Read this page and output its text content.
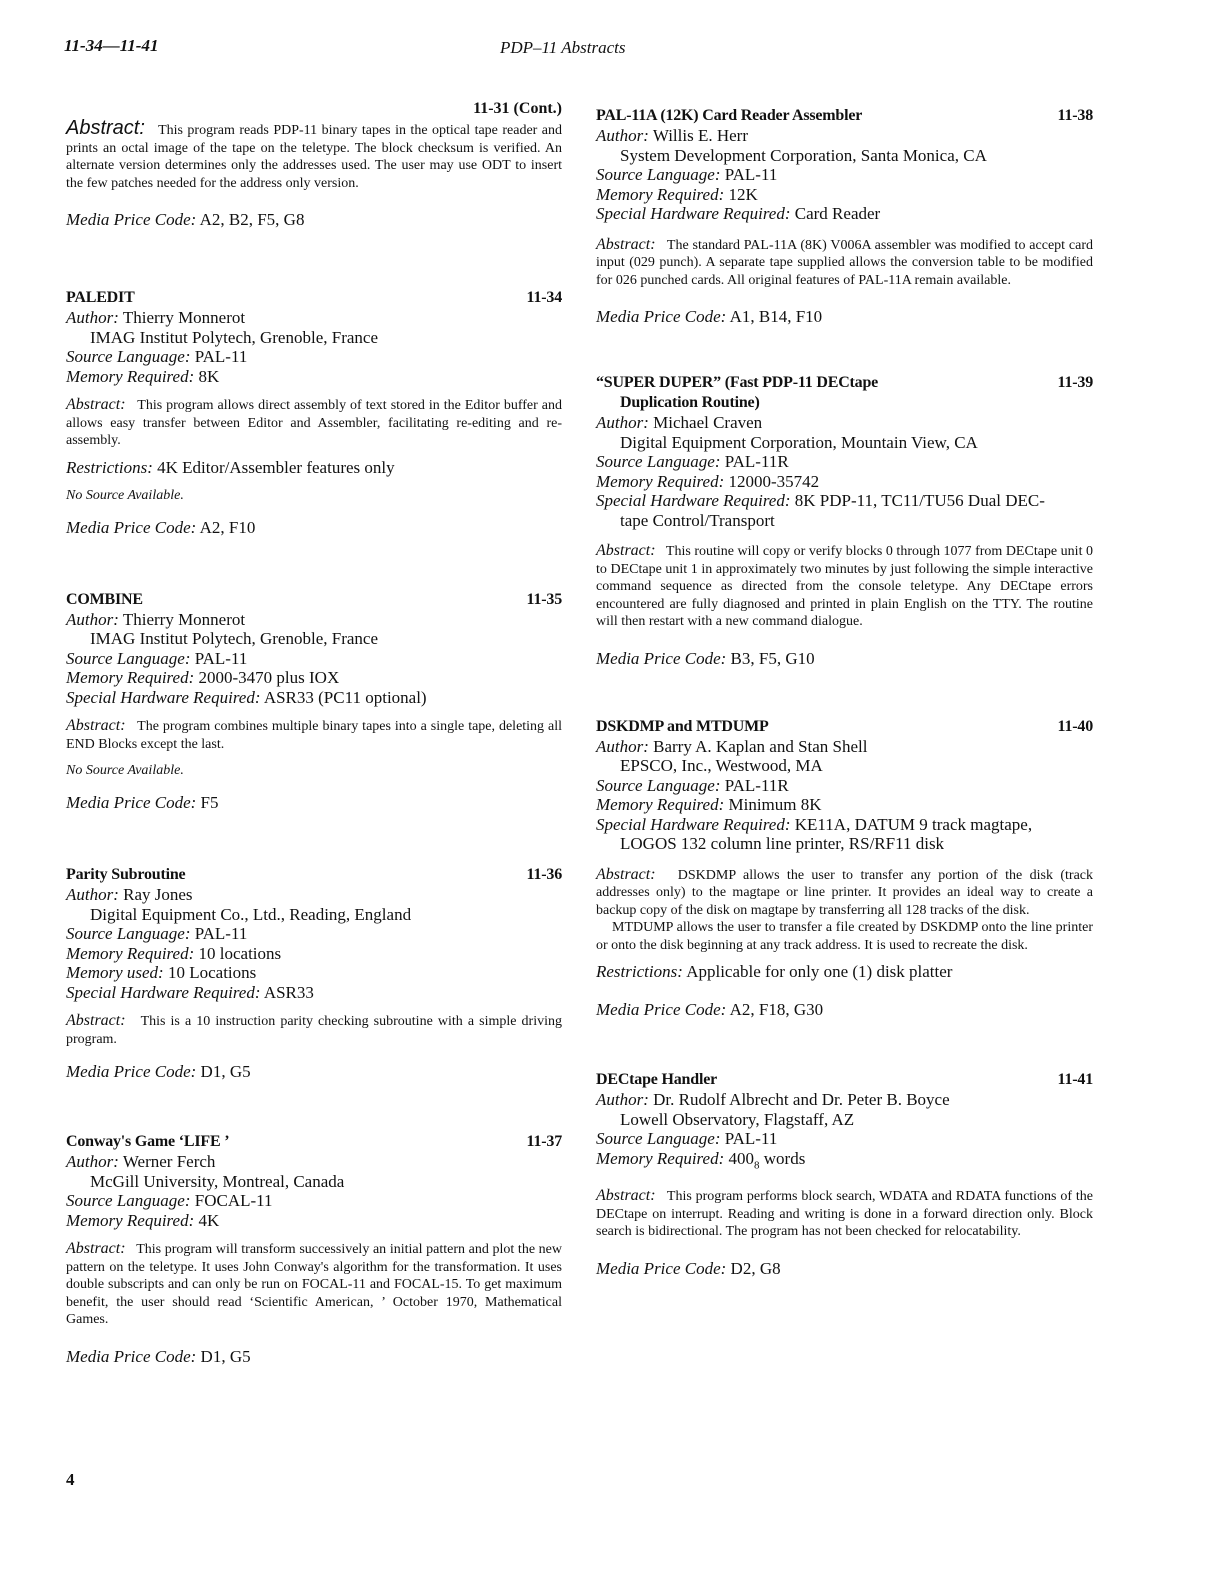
11-34—11-41	PDP–11 Abstracts
11-31 (Cont.)

Abstract: This program reads PDP-11 binary tapes in the optical tape reader and prints an octal image of the tape on the teletype. The block checksum is verified. An alternate version determines only the addresses used. The user may use ODT to insert the few patches needed for the address only version.

Media Price Code: A2, B2, F5, G8
PALEDIT	11-34
Author: Thierry Monnerot
IMAG Institut Polytech, Grenoble, France
Source Language: PAL-11
Memory Required: 8K

Abstract: This program allows direct assembly of text stored in the Editor buffer and allows easy transfer between Editor and Assembler, facilitating re-editing and re-assembly.

Restrictions: 4K Editor/Assembler features only
No Source Available.
Media Price Code: A2, F10
COMBINE	11-35
Author: Thierry Monnerot
IMAG Institut Polytech, Grenoble, France
Source Language: PAL-11
Memory Required: 2000-3470 plus IOX
Special Hardware Required: ASR33 (PC11 optional)

Abstract: The program combines multiple binary tapes into a single tape, deleting all END Blocks except the last.

No Source Available.
Media Price Code: F5
Parity Subroutine	11-36
Author: Ray Jones
Digital Equipment Co., Ltd., Reading, England
Source Language: PAL-11
Memory Required: 10 locations
Memory used: 10 Locations
Special Hardware Required: ASR33

Abstract: This is a 10 instruction parity checking subroutine with a simple driving program.

Media Price Code: D1, G5
Conway's Game ‘LIFE ’	11-37
Author: Werner Ferch
McGill University, Montreal, Canada
Source Language: FOCAL-11
Memory Required: 4K

Abstract: This program will transform successively an initial pattern and plot the new pattern on the teletype. It uses John Conway's algorithm for the transformation. It uses double subscripts and can only be run on FOCAL-11 and FOCAL-15. To get maximum benefit, the user should read ‘Scientific American, ’ October 1970, Mathematical Games.

Media Price Code: D1, G5
PAL-11A (12K) Card Reader Assembler	11-38
Author: Willis E. Herr
System Development Corporation, Santa Monica, CA
Source Language: PAL-11
Memory Required: 12K
Special Hardware Required: Card Reader

Abstract: The standard PAL-11A (8K) V006A assembler was modified to accept card input (029 punch). A separate tape supplied allows the conversion table to be modified for 026 punched cards. All original features of PAL-11A remain available.

Media Price Code: A1, B14, F10
“SUPER DUPER” (Fast PDP-11 DECtape
Duplication Routine)
11-39
Author: Michael Craven
Digital Equipment Corporation, Mountain View, CA
Source Language: PAL-11R
Memory Required: 12000-35742
Special Hardware Required: 8K PDP-11, TC11/TU56 Dual DEC-
tape Control/Transport

Abstract: This routine will copy or verify blocks 0 through 1077 from DECtape unit 0 to DECtape unit 1 in approximately two minutes by just following the simple interactive command sequence as directed from the console teletype. Any DECtape errors encountered are fully diagnosed and printed in plain English on the TTY. The routine will then restart with a new command dialogue.

Media Price Code: B3, F5, G10
DSKDMP and MTDUMP	11-40
Author: Barry A. Kaplan and Stan Shell
EPSCO, Inc., Westwood, MA
Source Language: PAL-11R
Memory Required: Minimum 8K
Special Hardware Required: KE11A, DATUM 9 track magtape,
LOGOS 132 column line printer, RS/RF11 disk

Abstract: DSKDMP allows the user to transfer any portion of the disk (track addresses only) to the magtape or line printer. It provides an ideal way to create a backup copy of the disk on magtape by transferring all 128 tracks of the disk.

MTDUMP allows the user to transfer a file created by DSKDMP onto the line printer or onto the disk beginning at any track address. It is used to recreate the disk.

Restrictions: Applicable for only one (1) disk platter
Media Price Code: A2, F18, G30
DECtape Handler	11-41
Author: Dr. Rudolf Albrecht and Dr. Peter B. Boyce
Lowell Observatory, Flagstaff, AZ
Source Language: PAL-11
Memory Required: $400_8$ words

Abstract: This program performs block search, WDATA and RDATA functions of the DECtape on interrupt. Reading and writing is done in a forward direction only. Block search is bidirectional. The program has not been checked for relocatability.

Media Price Code: D2, G8
4
